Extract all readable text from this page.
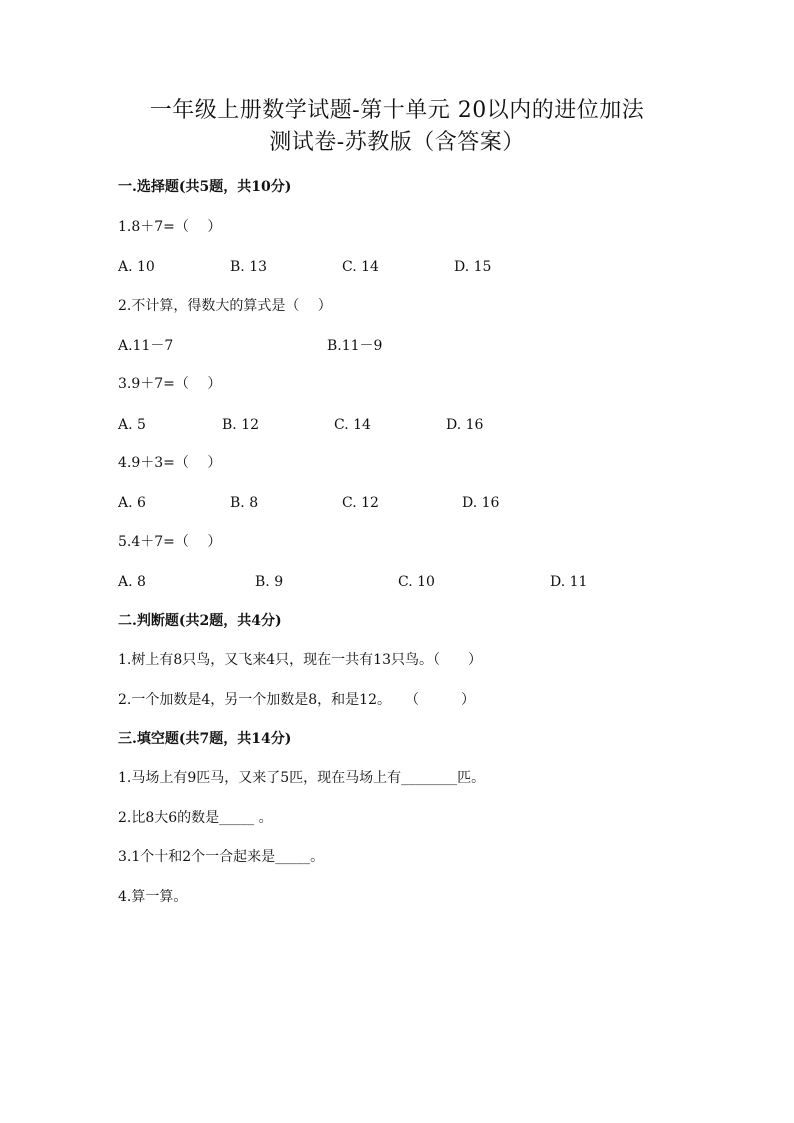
一年级上册数学试题-第十单元 20以内的进位加法
测试卷-苏教版（含答案）
一.选择题(共5题，共10分)
1.8＋7=（　 ）
A. 10	B. 13	C. 14	D. 15
2.不计算，得数大的算式是（　 ）
A.11－7	B.11－9
3.9＋7=（　 ）
A. 5	B. 12	C. 14	D. 16
4.9＋3=（　 ）
A. 6	B. 8	C. 12	D. 16
5.4＋7=（　 ）
A. 8	B. 9	C. 10	D. 11
二.判断题(共2题，共4分)
1.树上有8只鸟，又飞来4只，现在一共有13只鸟。（　　）
2.一个加数是4，另一个加数是8，和是12。　　（　　　）
三.填空题(共7题，共14分)
1.马场上有9匹马，又来了5匹，现在马场上有________匹。
2.比8大6的数是_____ 。
3.1个十和2个一合起来是_____。
4.算一算。
